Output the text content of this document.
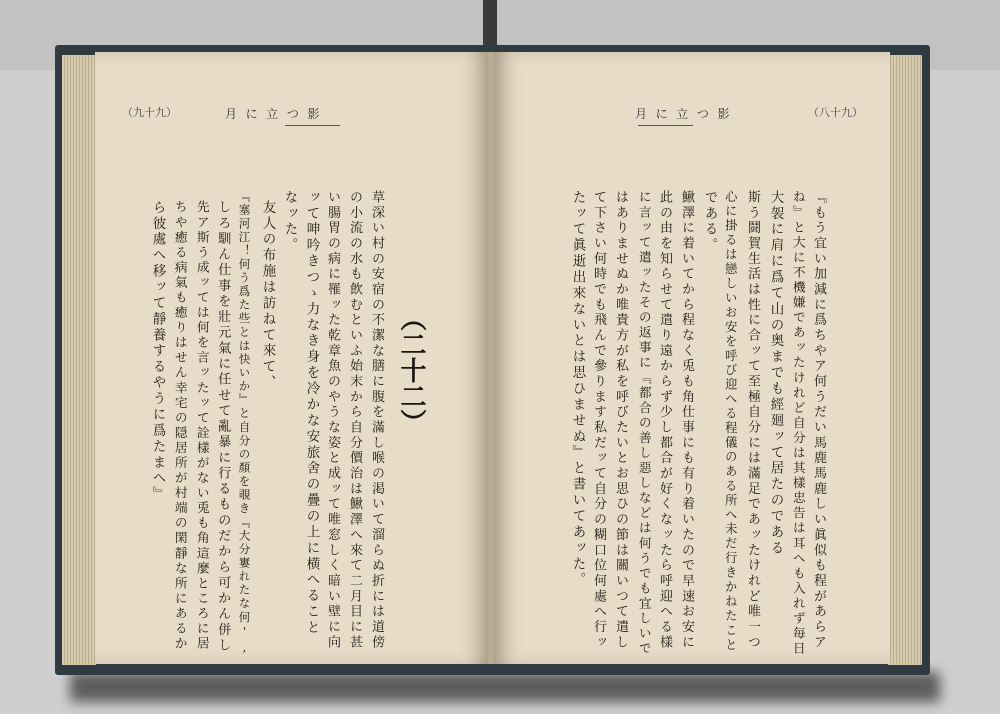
（九十九）	月 に 立 つ 影
（二十二）
草深い村の安宿の不潔な膳に腹を滿し喉の渇いて溜らぬ折には道傍
の小流の水も飲むといふ始末から自分價治は鰍澤へ來て二月目に甚
い腸胃の病に罹ッた乾章魚のやうな姿と成ッて唯窓しく暗い壁に向
ッて呻吟きつゝ力なき身を冷かな安旅舍の疊の上に横へること
なッた。
友人の布施は訪ねて來て、
『塞河江！何う爲た些とは快いか』と自分の顏を覗き『大分寠れたな何',
しろ馴ん仕事を壯元氣に任せて亂暴に行るものだから可かん併し
先ア斯う成ッては何を言ッたッて詮樣がない兎も角這麼ところに居
ちや癒る病氣も癒りはせん幸宅の隠居所が村端の閑靜な所にあるか
ら彼處へ移ッて靜養するやうに爲たまへ』
（八十九）
月 に 立 つ 影
『もう宜い加減に爲ちやア何うだい馬鹿馬鹿しい眞似も程があらア
ね』と大に不機嫌であッたけれど自分は其樣忠告は耳へも入れず毎日
大袈に肩に爲て山の奥までも經廻ッて居たのである
斯う鬪賀生活は性に合ッて至極自分には滿足であッたけれど唯一つ
心に掛るは戀しいお安を呼び迎へる程儀のある所へ未だ行きかねたこと
である。
鰍澤に着いてから程なく兎も角仕事にも有り着いたので早速お安に
此の由を知らせて遣り遠からず少し都合が好くなッたら呼迎へる樣
に言ッて遣ッたその返事に『都合の善し惡しなどは何うでも宜しいで
はありませぬか唯貴方が私を呼びたいとお思ひの節は關いつて遣し
て下さい何時でも飛んで參ります私だッて自分の糊口位何處へ行ッ
たッて眞逝出來ないとは思ひませぬ』と書いてあッた。
